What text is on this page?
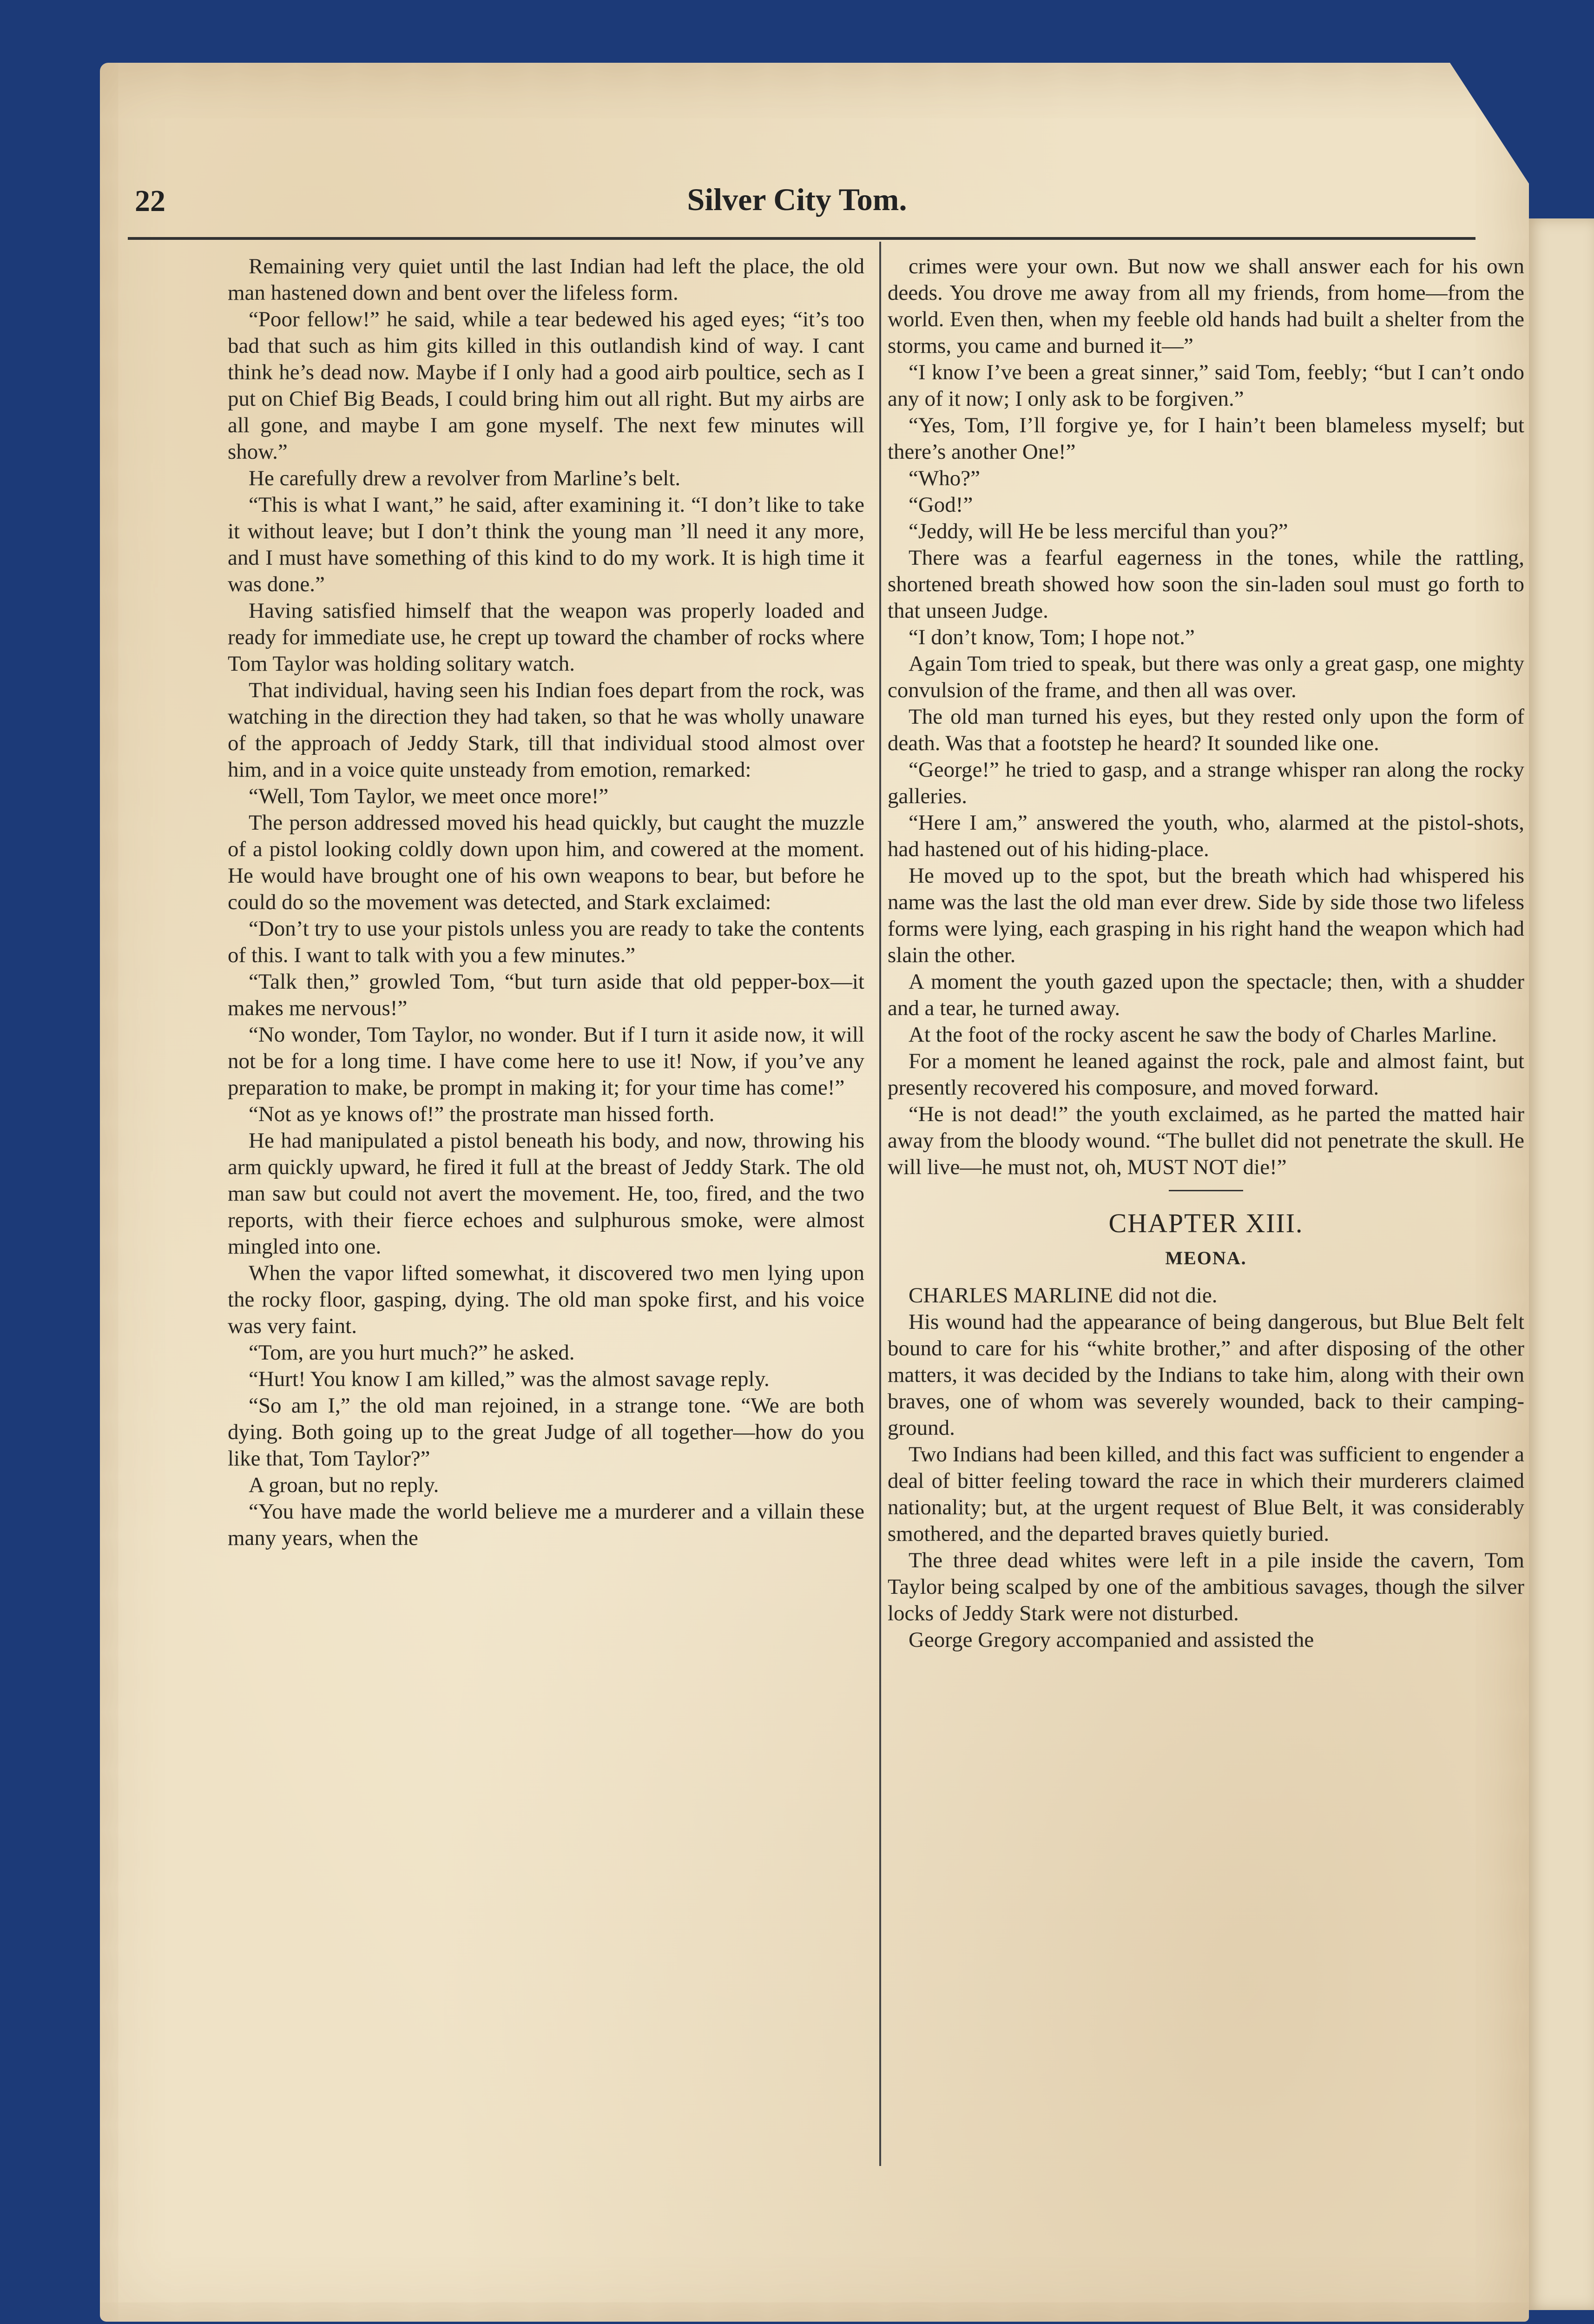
22	Silver City Tom.

Remaining very quiet until the last Indian had left the place, the old man hastened down and bent over the lifeless form.

“Poor fellow!” he said, while a tear bedewed his aged eyes; “it’s too bad that such as him gits killed in this outlandish kind of way. I cant think he’s dead now. Maybe if I only had a good airb poultice, sech as I put on Chief Big Beads, I could bring him out all right. But my airbs are all gone, and maybe I am gone myself. The next few minutes will show.”

He carefully drew a revolver from Marline’s belt.

“This is what I want,” he said, after examining it. “I don’t like to take it without leave; but I don’t think the young man ’ll need it any more, and I must have something of this kind to do my work. It is high time it was done.”

Having satisfied himself that the weapon was properly loaded and ready for immediate use, he crept up toward the chamber of rocks where Tom Taylor was holding solitary watch.

That individual, having seen his Indian foes depart from the rock, was watching in the direction they had taken, so that he was wholly unaware of the approach of Jeddy Stark, till that individual stood almost over him, and in a voice quite unsteady from emotion, remarked:

“Well, Tom Taylor, we meet once more!”

The person addressed moved his head quickly, but caught the muzzle of a pistol looking coldly down upon him, and cowered at the moment. He would have brought one of his own weapons to bear, but before he could do so the movement was detected, and Stark exclaimed:

“Don’t try to use your pistols unless you are ready to take the contents of this. I want to talk with you a few minutes.”

“Talk then,” growled Tom, “but turn aside that old pepper-box—it makes me nervous!”

“No wonder, Tom Taylor, no wonder. But if I turn it aside now, it will not be for a long time. I have come here to use it! Now, if you’ve any preparation to make, be prompt in making it; for your time has come!”

“Not as ye knows of!” the prostrate man hissed forth.

He had manipulated a pistol beneath his body, and now, throwing his arm quickly upward, he fired it full at the breast of Jeddy Stark. The old man saw but could not avert the movement. He, too, fired, and the two reports, with their fierce echoes and sulphurous smoke, were almost mingled into one.

When the vapor lifted somewhat, it discovered two men lying upon the rocky floor, gasping, dying. The old man spoke first, and his voice was very faint.

“Tom, are you hurt much?” he asked.

“Hurt! You know I am killed,” was the almost savage reply.

“So am I,” the old man rejoined, in a strange tone. “We are both dying. Both going up to the great Judge of all together—how do you like that, Tom Taylor?”

A groan, but no reply.

“You have made the world believe me a murderer and a villain these many years, when the

crimes were your own. But now we shall answer each for his own deeds. You drove me away from all my friends, from home—from the world. Even then, when my feeble old hands had built a shelter from the storms, you came and burned it—”

“I know I’ve been a great sinner,” said Tom, feebly; “but I can’t ondo any of it now; I only ask to be forgiven.”

“Yes, Tom, I’ll forgive ye, for I hain’t been blameless myself; but there’s another One!”

“Who?”

“God!”

“Jeddy, will He be less merciful than you?”

There was a fearful eagerness in the tones, while the rattling, shortened breath showed how soon the sin-laden soul must go forth to that unseen Judge.

“I don’t know, Tom; I hope not.”

Again Tom tried to speak, but there was only a great gasp, one mighty convulsion of the frame, and then all was over.

The old man turned his eyes, but they rested only upon the form of death. Was that a footstep he heard? It sounded like one.

“George!” he tried to gasp, and a strange whisper ran along the rocky galleries.

“Here I am,” answered the youth, who, alarmed at the pistol-shots, had hastened out of his hiding-place.

He moved up to the spot, but the breath which had whispered his name was the last the old man ever drew. Side by side those two lifeless forms were lying, each grasping in his right hand the weapon which had slain the other.

A moment the youth gazed upon the spectacle; then, with a shudder and a tear, he turned away.

At the foot of the rocky ascent he saw the body of Charles Marline.

For a moment he leaned against the rock, pale and almost faint, but presently recovered his composure, and moved forward.

“He is not dead!” the youth exclaimed, as he parted the matted hair away from the bloody wound. “The bullet did not penetrate the skull. He will live—he must not, oh, MUST NOT die!”

CHAPTER XIII.
MEONA.

CHARLES MARLINE did not die.

His wound had the appearance of being dangerous, but Blue Belt felt bound to care for his “white brother,” and after disposing of the other matters, it was decided by the Indians to take him, along with their own braves, one of whom was severely wounded, back to their camping-ground.

Two Indians had been killed, and this fact was sufficient to engender a deal of bitter feeling toward the race in which their murderers claimed nationality; but, at the urgent request of Blue Belt, it was considerably smothered, and the departed braves quietly buried.

The three dead whites were left in a pile inside the cavern, Tom Taylor being scalped by one of the ambitious savages, though the silver locks of Jeddy Stark were not disturbed.

George Gregory accompanied and assisted the
